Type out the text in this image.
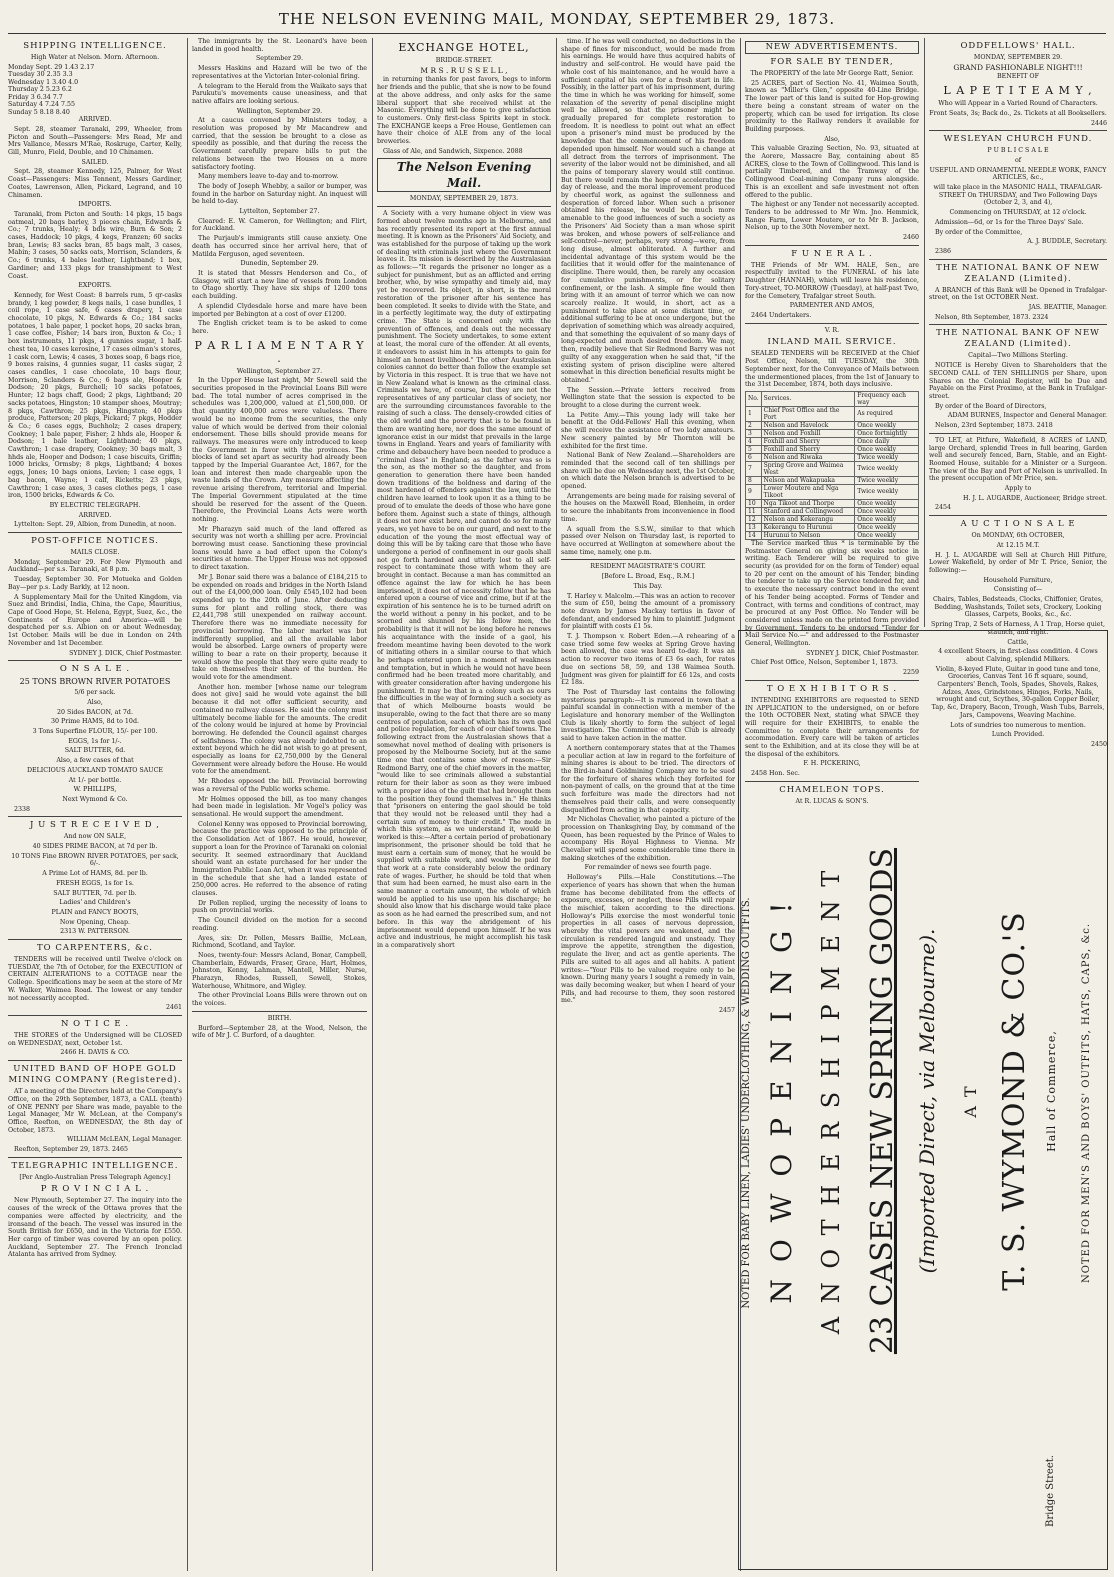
THE NELSON EVENING MAIL, MONDAY, SEPTEMBER 29, 1873.
SHIPPING INTELLIGENCE.

High Water at Nelson. Morn. Afternoon.

Monday Sept. 29 1.43 2.17
Tuesday 30 2.35 3.3
Wednesday 1 3.40 4.0
Thursday 2 5.23 6.2
Friday 3 6.34 7.7
Saturday 4 7.24 7.55
Sunday 5 8.18 8.40

ARRIVED.

Sept. 28, steamer Taranaki, 299, Wheeler, from Picton and South—Passengers: Mrs Read, Mr and Mrs Vallance, Messrs M'Rae, Roskruge, Carter, Kelly, Gill, Munro, Field, Double, and 10 Chinamen.

SAILED.

Sept. 28, steamer Kennedy, 125, Palmer, for West Coast—Passengers: Miss Tennent, Messrs Gardiner, Coates, Lawrenson, Allen, Pickard, Legrand, and 10 Chinamen.

IMPORTS.

Taranaki, from Picton and South: 14 pkgs, 15 bags oatmeal, 20 bags barley, 3 pieces chain, Edwards & Co.; 7 trunks, Healy; 4 bdls wire, Burn & Son; 2 cases, Haddock; 10 pkgs, 4 kegs, Franzen; 60 sacks bran, Lewis; 83 sacks bran, 85 bags malt, 3 cases, Mabin; 3 cases, 50 sacks oats, Morrison, Sclanders, & Co.; 6 trunks, 4 bales leather, Lightband; 1 box, Gardiner; and 133 pkgs for transhipment to West Coast.

EXPORTS.

Kennedy, for West Coast: 8 barrels rum, 5 qr-casks brandy, 1 keg powder, 8 kegs nails, 1 case bundles, 1 coil rope, 1 case safe, 6 cases drapery, 1 case chocolate, 10 pkgs, N. Edwards & Co.; 184 sacks potatoes, 1 bale paper, 1 pocket hops, 20 sacks bran, 1 case coffee, Fisher; 14 bars iron, Buxton & Co.; 1 box instruments, 11 pkgs, 4 gunnies sugar, 1 half-chest tea, 10 cases kerosine, 17 cases oilman's stores, 1 cask corn, Lewis; 4 cases, 3 boxes soap, 6 bags rice, 9 boxes raisins, 4 gunnies sugar, 11 casks sugar, 2 cases candles, 1 case chocolate, 10 bags flour, Morrison, Sclanders & Co.; 6 bags ale, Hooper & Dodson; 20 pkgs, Burchell; 10 sacks potatoes, Hunter; 12 bags chaff, Good; 2 pkgs, Lightband; 20 sacks potatoes, Hingston; 10 stamper shoes, Moutray; 8 pkgs, Cawthron; 25 pkgs, Hingston; 40 pkgs produce, Patterson; 20 pkgs, Pickard; 7 pkgs, Hodder & Co.; 6 cases eggs, Buchholz; 2 cases drapery, Cookney; 1 bale paper, Fisher; 2 hhds ale, Hooper & Dodson; 1 bale leather, Lightband; 40 pkgs, Cawthron; 1 case drapery, Cookney; 30 bags malt, 3 hhds ale, Hooper and Dodson; 1 case biscuits, Griffin; 1000 bricks, Ormsby; 8 pkgs, Lightband; 4 boxes eggs, Jones; 10 bags onions, Levien; 1 case eggs, 1 bag bacon, Wayne; 1 calf, Ricketts; 23 pkgs, Cawthron; 1 case axes, 3 cases clothes pegs, 1 case iron, 1500 bricks, Edwards & Co.

BY ELECTRIC TELEGRAPH.

ARRIVED.

Lyttelton: Sept. 29, Albion, from Dunedin, at noon.

POST-OFFICE NOTICES.

MAILS CLOSE.

Monday, September 29. For New Plymouth and Auckland—per s.s. Taranaki, at 8 p.m.

Tuesday, September 30. For Motueka and Golden Bay—per p.s. Lady Barkly, at 12 noon.

A Supplementary Mail for the United Kingdom, via Suez and Brindisi, India, China, the Cape, Mauritius, Cape of Good Hope, St. Helena, Egypt, Suez, &c., the Continents of Europe and America—will be despatched per s.s. Albion on or about Wednesday, 1st October. Mails will be due in London on 24th November and 1st December.

SYDNEY J. DICK, Chief Postmaster.

O N S A L E .

25 TONS BROWN RIVER POTATOES

5/6 per sack.

Also,

20 Sides BACON, at 7d.

30 Prime HAMS, 8d to 10d.

3 Tons Superfine FLOUR, 15/- per 100.

EGGS, 1s for 1/-.

SALT BUTTER, 6d.

Also, a few cases of that

DELICIOUS AUCKLAND TOMATO SAUCE

At 1/- per bottle.

W. PHILLIPS,

Next Wymond & Co.

2338

J U S T R E C E I V E D ,

And now ON SALE,

40 SIDES PRIME BACON, at 7d per lb.

10 TONS Fine BROWN RIVER POTATOES, per sack, 6/-.

A Prime Lot of HAMS, 8d. per lb.

FRESH EGGS, 1s for 1s.

SALT BUTTER, 7d. per lb.

Ladies' and Children's

PLAIN and FANCY BOOTS,

Now Opening, Cheap.

2313 W. PATTERSON.

TO CARPENTERS, &c.

TENDERS will be received until Twelve o'clock on TUESDAY, the 7th of October, for the EXECUTION of CERTAIN ALTERATIONS to a COTTAGE near the College. Specifications may be seen at the store of Mr W. Walker, Waimea Road. The lowest or any tender not necessarily accepted.

2461

N O T I C E .

THE STORES of the Undersigned will be CLOSED on WEDNESDAY, next, October 1st.

2466 H. DAVIS & CO.

UNITED BAND OF HOPE GOLD MINING COMPANY (Registered).

AT a meeting of the Directors held at the Company's Office, on the 29th September, 1873, a CALL (tenth) of ONE PENNY per Share was made, payable to the Legal Manager, Mr W. McLean, at the Company's Office, Reefton, on WEDNESDAY, the 8th day of October, 1873.

WILLIAM McLEAN, Legal Manager.

Reefton, September 29, 1873. 2465

TELEGRAPHIC INTELLIGENCE.

[Per Anglo-Australian Press Telegraph Agency.]

P R O V I N C I A L .

New Plymouth, September 27. The inquiry into the causes of the wreck of the Ottawa proves that the companies were affected by electricity, and the ironsand of the beach. The vessel was insured in the South British for £650, and in the Victoria for £550. Her cargo of timber was covered by an open policy. Auckland, September 27. The French Ironclad Atalanta has arrived from Sydney.

The immigrants by the St. Leonard's have been landed in good health.

September 29.

Messrs Haskins and Hazard will be two of the representatives at the Victorian Inter-colonial firing.

A telegram to the Herald from the Waikato says that Parukutu's movements cause uneasiness, and that native affairs are looking serious.

Wellington, September 29.

At a caucus convened by Ministers today, a resolution was proposed by Mr Macandrew and carried, that the session be brought to a close as speedily as possible, and that during the recess the Government carefully prepare bills to put the relations between the two Houses on a more satisfactory footing.

Many members leave to-day and to-morrow.

The body of Joseph Whebby, a sailor or bumper, was found in the harbor on Saturday night. An inquest will be held to-day.

Lyttelton, September 27.

Cleared: E. W. Cameron, for Wellington; and Flirt, for Auckland.

The Purjaub's immigrants still cause anxiety. One death has occurred since her arrival here, that of Matilda Ferguson, aged seventeen.

Dunedin, September 29.

It is stated that Messrs Henderson and Co., of Glasgow, will start a new line of vessels from London to Otago shortly. They have six ships of 1200 tons each building.

A splendid Clydesdale horse and mare have been imported per Bebington at a cost of over £1200.

The English cricket team is to be asked to come here.

P A R L I A M E N T A R Y .

Wellington, September 27.

In the Upper House last night, Mr Sewell said the securities proposed in the Provincial Loans Bill were bad. The total number of acres comprised in the schedules was 1,200,000, valued at £1,500,000. Of that quantity 400,000 acres were valueless. There would be no income from the securities, the only value of which would be derived from their colonial endorsement. These bills should provide means for railways. The measures were only introduced to keep the Government in favor with the provinces. The blocks of land set apart as security had already been tapped by the Imperial Guarantee Act, 1867, for the loan and interest then made chargeable upon the waste lands of the Crown. Any measure affecting the revenue arising therefrom, territorial and Imperial. The Imperial Government stipulated at the time should be reserved for the assent of the Queen. Therefore, the Provincial Loans Acts were worth nothing.

Mr Pharazyn said much of the land offered as security was not worth a shilling per acre. Provincial borrowing must cease. Sanctioning these provincial loans would have a bad effect upon the Colony's securities at home. The Upper House was not opposed to direct taxation.

Mr J. Bonar said there was a balance of £184,215 to be expended on roads and bridges in the North Island out of the £4,000,000 loan. Only £545,102 had been expended up to the 20th of June. After deducting sums for plant and rolling stock, there was £2,441,798 still unexpended on railway account. Therefore there was no immediate necessity for provincial borrowing. The labor market was but indifferently supplied, and all the available labor would be absorbed. Large owners of property were willing to bear a rate on their property, because it would show the people that they were quite ready to take on themselves their share of the burden. He would vote for the amendment.

Another hon. member [whose name our telegram does not give] said he would vote against the bill because it did not offer sufficient security, and contained no railway clauses. He said the colony must ultimately become liable for the amounts. The credit of the colony would be injured at home by Provincial borrowing. He defended the Council against charges of selfishness. The colony was already indebted to an extent beyond which he did not wish to go at present, especially as loans for £2,750,000 by the General Government were already before the House. He would vote for the amendment.

Mr Rhodes opposed the bill. Provincial borrowing was a reversal of the Public works scheme.

Mr Holmes opposed the bill, as too many changes had been made in legislation. Mr Vogel's policy was sensational. He would support the amendment.

Colonel Kenny was opposed to Provincial borrowing, because the practice was opposed to the principle of the Consolidation Act of 1867. He would, however, support a loan for the Province of Taranaki on colonial security. It seemed extraordinary that Auckland should want an estate purchased for her under the Immigration Public Loan Act, when it was represented in the schedule that she had a landed estate of 250,000 acres. He referred to the absence of rating clauses.

Dr Pollen replied, urging the necessity of loans to push on provincial works.

The Council divided on the motion for a second reading.

Ayes, six: Dr. Pollen, Messrs Baillie, McLean, Richmond, Scotland, and Taylor.

Noes, twenty-four: Messrs Acland, Bonar, Campbell, Chamberlain, Edwards, Fraser, Grace, Hart, Holmes, Johnston, Kenny, Lahman, Mantell, Miller, Nurse, Pharazyn, Rhodes, Russell, Sewell, Stokes, Waterhouse, Whitmore, and Wigley.

The other Provincial Loans Bills were thrown out on the voices.

BIRTH.

Burford—September 28, at the Wood, Nelson, the wife of Mr J. C. Burford, of a daughter.

EXCHANGE HOTEL,

BRIDGE-STREET.

M R S . R U S S E L L ,

in returning thanks for past favors, begs to inform her friends and the public, that she is now to be found at the above address, and only asks for the same liberal support that she received whilst at the Masonic. Everything will be done to give satisfaction to customers. Only first-class Spirits kept in stock. The EXCHANGE keeps a Free House, Gentlemen can have their choice of ALE from any of the local breweries.

Glass of Ale, and Sandwich, Sixpence. 2088

The Nelson Evening Mail.

MONDAY, SEPTEMBER 29, 1873.

A Society with a very humane object in view was formed about twelve months ago in Melbourne, and has recently presented its report at the first annual meeting. It is known as the Prisoners' Aid Society, and was established for the purpose of taking up the work of dealing with criminals just where the Government leaves it. Its mission is described by the Australasian as follows:—"It regards the prisoner no longer as a subject for punishment, but as an afflicted and erring brother, who, by wise sympathy and timely aid, may yet be recovered. Its object, in short, is the moral restoration of the prisoner after his sentence has been completed. It seeks to divide with the State, and in a perfectly legitimate way, the duty of extirpating crime. The State is concerned only with the prevention of offences, and deals out the necessary punishment. The Society undertakes, to some extent at least, the moral cure of the offender. At all events, it endeavors to assist him in his attempts to gain for himself an honest livelihood." The other Australasian colonies cannot do better than follow the example set by Victoria in this respect. It is true that we have not in New Zealand what is known as the criminal class. Criminals we have, of course, but they are not the representatives of any particular class of society, nor are the surrounding circumstances favorable to the raising of such a class. The densely-crowded cities of the old world and the poverty that is to be found in them are wanting here, nor does the same amount of ignorance exist in our midst that prevails in the large towns in England. Years and years of familiarity with crime and debauchery have been needed to produce a "criminal class" in England; as the father was so is the son, as the mother so the daughter, and from generation to generation there have been handed down traditions of the boldness and daring of the most hardened of offenders against the law, until the children have learned to look upon it as a thing to be proud of to emulate the deeds of those who have gone before them. Against such a state of things, although it does not now exist here, and cannot do so for many years, we yet have to be on our guard, and next to the education of the young the most effectual way of doing this will be by taking care that those who have undergone a period of confinement in our gaols shall not go forth hardened and utterly lost to all self-respect to contaminate those with whom they are brought in contact. Because a man has committed an offence against the law for which he has been imprisoned, it does not of necessity follow that he has entered upon a course of vice and crime, but if at the expiration of his sentence he is to be turned adrift on the world without a penny in his pocket, and to be scorned and shunned by his fellow men, the probability is that it will not be long before he renews his acquaintance with the inside of a gaol, his freedom meantime having been devoted to the work of initiating others in a similar course to that which he perhaps entered upon in a moment of weakness and temptation, but in which he would not have been confirmed had he been treated more charitably, and with greater consideration after having undergone his punishment. It may be that in a colony such as ours the difficulties in the way of forming such a society as that of which Melbourne boasts would be insuperable, owing to the fact that there are so many centres of population, each of which has its own gaol and police regulation, for each of our chief towns. The following extract from the Australasian shows that a somewhat novel method of dealing with prisoners is proposed by the Melbourne Society, but at the same time one that contains some show of reason:—Sir Redmond Barry, one of the chief movers in the matter, "would like to see criminals allowed a substantial return for their labor as soon as they were imbued with a proper idea of the guilt that had brought them to the position they found themselves in." He thinks that "prisoners on entering the gaol should be told that they would not be released until they had a certain sum of money to their credit." The mode in which this system, as we understand it, would be worked is this:—After a certain period of probationary imprisonment, the prisoner should be told that he must earn a certain sum of money, that he would be supplied with suitable work, and would be paid for that work at a rate considerably below the ordinary rate of wages. Further, he should be told that when that sum had been earned, he must also earn in the same manner a certain amount, the whole of which would be applied to his use upon his discharge; he should also know that his discharge would take place as soon as he had earned the prescribed sum, and not before. In this way the abridgement of his imprisonment would depend upon himself. If he was active and industrious, he might accomplish his task in a comparatively short

time. If he was well conducted, no deductions in the shape of fines for misconduct, would be made from his earnings. He would have thus acquired habits of industry and self-control. He would have paid the whole cost of his maintenance, and he would have a sufficient capital of his own for a fresh start in life. Possibly, in the latter part of his imprisonment, during the time in which he was working for himself, some relaxation of the severity of penal discipline might well be allowed, so that the prisoner might be gradually prepared for complete restoration to freedom. It is needless to point out what an effect upon a prisoner's mind must be produced by the knowledge that the commencement of his freedom depended upon himself. Nor would such a change at all detract from the terrors of imprisonment. The severity of the labor would not be diminished, and all the pains of temporary slavery would still continue. But there would remain the hope of accelerating the day of release, and the moral improvement produced by cheerful work, as against the sullenness and desperation of forced labor. When such a prisoner obtained his release, he would be much more amenable to the good influences of such a society as the Prisoners' Aid Society than a man whose spirit was broken, and whose powers of self-reliance and self-control—never, perhaps, very strong—were, from long disuse, almost obliterated. A further and incidental advantage of this system would be the facilities that it would offer for the maintenance of discipline. There would, then, be rarely any occasion for cumulative punishments, or for solitary confinement, or the lash. A simple fine would then bring with it an amount of terror which we can now scarcely realize. It would, in short, act as a punishment to take place at some distant time, or additional suffering to be at once undergone, but the deprivation of something which was already acquired, and that something the equivalent of so many days of long-expected and much desired freedom. We may, then, readily believe that Sir Redmond Barry was not guilty of any exaggeration when he said that, "if the existing system of prison discipline were altered somewhat in this direction beneficial results might be obtained."

The Session.—Private letters received from Wellington state that the session is expected to be brought to a close during the current week.

La Petite Amy.—This young lady will take her benefit at the Odd-Fellows' Hall this evening, when she will receive the assistance of two lady amateurs. New scenery painted by Mr Thornton will be exhibited for the first time.

National Bank of New Zealand.—Shareholders are reminded that the second call of ten shillings per share will be due on Wednesday next, the 1st October, on which date the Nelson branch is advertised to be opened.

Arrangements are being made for raising several of the houses on the Maxwell Road, Blenheim, in order to secure the inhabitants from inconvenience in flood time.

A squall from the S.S.W., similar to that which passed over Nelson on Thursday last, is reported to have occurred at Wellington at somewhere about the same time, namely, one p.m.

RESIDENT MAGISTRATE'S COURT.

[Before L. Broad, Esq., R.M.]

This Day.

T. Harley v. Malcolm.—This was an action to recover the sum of £50, being the amount of a promissory note drawn by James Mackay tertius in favor of defendant, and endorsed by him to plaintiff. Judgment for plaintiff with costs £1 5s.

T. J. Thompson v. Robert Eden.—A rehearing of a case tried some few weeks at Spring Grove having been allowed, the case was heard to-day. It was an action to recover two items of £3 6s each, for rates due on sections 58, 59, and 138 Waimea South. Judgment was given for plaintiff for £6 12s, and costs £2 18s.

The Post of Thursday last contains the following mysterious paragraph:—It is rumored in town that a painful scandal in connection with a member of the Legislature and honorary member of the Wellington Club is likely shortly to form the subject of legal investigation. The Committee of the Club is already said to have taken action in the matter.

A northern contemporary states that at the Thames a peculiar action at law in regard to the forfeiture of mining shares is about to be tried. The directors of the Bird-in-hand Goldmining Company are to be sued for the forfeiture of shares which they forfeited for non-payment of calls, on the ground that at the time such forfeiture was made the directors had not themselves paid their calls, and were consequently disqualified from acting in that capacity.

Mr Nicholas Chevalier, who painted a picture of the procession on Thanksgiving Day, by command of the Queen, has been requested by the Prince of Wales to accompany His Royal Highness to Vienna. Mr Chevalier will spend some considerable time there in making sketches of the exhibition.

For remainder of news see fourth page.

Holloway's Pills.—Hale Constitutions.—The experience of years has shown that when the human frame has become debilitated from the effects of exposure, excesses, or neglect, these Pills will repair the mischief, taken according to the directions. Holloway's Pills exercise the most wonderful tonic properties in all cases of nervous depression, whereby the vital powers are weakened, and the circulation is rendered languid and unsteady. They improve the appetite, strengthen the digestion, regulate the liver, and act as gentle aperients. The Pills are suited to all ages and all habits. A patient writes:—"Your Pills to be valued require only to be known. During many years I sought a remedy in vain, was daily becoming weaker, but when I heard of your Pills, and had recourse to them, they soon restored me."

2457

NEW ADVERTISEMENTS.
FOR SALE BY TENDER,

The PROPERTY of the late Mr George Ratt, Senior.

25 ACRES, part of Section No. 41, Waimea South, known as "Miller's Glen," opposite 40-Line Bridge. The lower part of this land is suited for Hop-growing there being a constant stream of water on the property, which can be used for irrigation. Its close proximity to the Railway renders it available for Building purposes.

Also,

This valuable Grazing Section, No. 93, situated at the Aorere, Massacre Bay, containing about 85 ACRES, close to the Town of Collingwood. This land is partially Timbered, and the Tramway of the Collingwood Coal-mining Company runs alongside. This is an excellent and safe investment not often offered to the public.

The highest or any Tender not necessarily accepted. Tenders to be addressed to Mr Wm. Jno. Hemmick, Range Farm, Lower Moutere, or to Mr B. Jackson, Nelson, up to the 30th November next.

2460

F U N E R A L .

THE Friends of Mr WM. HALE, Sen., are respectfully invited to the FUNERAL of his late Daughter (HANNAH), which will leave his residence, Tory-street, TO-MORROW (Tuesday), at half-past Two, for the Cemetery, Trafalgar street South.

PARMENTER AND AMOS,

2464 Undertakers.

V. R.

INLAND MAIL SERVICE.

SEALED TENDERS will be RECEIVED at the Chief Post Office, Nelson, till TUESDAY, the 30th September next, for the Conveyance of Mails between the undermentioned places, from the 1st of January to the 31st December, 1874, both days inclusive.

No.	Services.	Frequency each way
1	Chief Post Office and the Port	As required
2	Nelson and Havelock	Once weekly
3	Nelson and Foxhill	Once fortnightly
4	Foxhill and Sherry	Once daily
5	Foxhill and Sherry	Once weekly
6	Nelson and Riwaka	Twice weekly
7	Spring Grove and Waimea West	Twice weekly
8	Nelson and Wakapuaka	Twice weekly
9	Lower Moutere and Nga Tikoot	Twice weekly
10	Nga Tikoot and Thorpe	Once weekly
11	Stanford and Collingwood	Once weekly
12	Nelson and Kekerangu	Once weekly
13	Kekerangu to Hurunui	Once weekly
14	Hurunui to Nelson	Once weekly

The Service marked thus * is terminable by the Postmaster General on giving six weeks notice in writing. Each Tenderer will be required to give security (as provided for on the form of Tender) equal to 20 per cent on the amount of his Tender, binding the tenderer to take up the Service tendered for, and to execute the necessary contract bond in the event of his Tender being accepted. Forms of Tender and Contract, with terms and conditions of contract, may be procured at any Post Office. No Tender will be considered unless made on the printed form provided by Government. Tenders to be endorsed "Tender for Mail Service No.—" and addressed to the Postmaster General, Wellington.

SYDNEY J. DICK, Chief Postmaster.

Chief Post Office, Nelson, September 1, 1873.

2259

T O E X H I B I T O R S .

INTENDING EXHIBITORS are requested to SEND IN APPLICATION to the undersigned, on or before the 10th OCTOBER Next, stating what SPACE they will require for their EXHIBITS, to enable the Committee to complete their arrangements for accommodation. Every care will be taken of articles sent to the Exhibition, and at its close they will be at the disposal of the exhibitors.

F. H. PICKERING,

2458 Hon. Sec.

CHAMELEON TOPS.

At R. LUCAS & SON'S.

ODDFELLOWS' HALL.

MONDAY, SEPTEMBER 29.

GRAND FASHIONABLE NIGHT!!!

BENEFIT OF

L A P E T I T E A M Y ,

Who will Appear in a Varied Round of Characters.

Front Seats, 3s; Back do., 2s. Tickets at all Booksellers.

2446

WESLEYAN CHURCH FUND.

P U B L I C S A L E

of

USEFUL AND ORNAMENTAL NEEDLE WORK, FANCY ARTICLES, &c.,

will take place in the MASONIC HALL, TRAFALGAR-STREET On THURSDAY, and Two Following Days (October 2, 3, and 4),

Commencing on THURSDAY, at 12 o'clock.

Admission—6d, or 1s for the Three Days' Sale.

By order of the Committee,

A. J. BUDDLE, Secretary.

2386

THE NATIONAL BANK OF NEW ZEALAND (Limited).

A BRANCH of this Bank will be Opened in Trafalgar-street, on the 1st OCTOBER Next.

JAS. BEATTIE, Manager.

Nelson, 8th September, 1873. 2324

THE NATIONAL BANK OF NEW ZEALAND (Limited).

Capital—Two Millions Sterling.

NOTICE is Hereby Given to Shareholders that the SECOND CALL of TEN SHILLINGS per Share, upon Shares on the Colonial Register, will be Due and Payable on the First Proximo, at the Bank in Trafalgar-street.

By order of the Board of Directors,

ADAM BURNES, Inspector and General Manager.

Nelson, 23rd September, 1873. 2418

TO LET, at Pitfure, Wakefield, 8 ACRES of LAND, large Orchard, splendid Trees in full bearing, Garden well and securely fenced, Barn, Stable, and an Eight-Roomed House, suitable for a Minister or a Surgeon. The view of the Bay and Port of Nelson is unrivalled. In the present occupation of Mr Price, sen.

Apply to

H. J. L. AUGARDE, Auctioneer, Bridge street.

2454

A U C T I O N S A L E

On MONDAY, 6th OCTOBER,

At 12.15 M.T.

H. J. L. AUGARDE will Sell at Church Hill Pitfure, Lower Wakefield, by order of Mr T. Price, Senior, the following:—

Household Furniture,

Consisting of—

Chairs, Tables, Bedsteads, Clocks, Chiffonier, Grates, Bedding, Washstands, Toilet sets, Crockery, Looking Glasses, Carpets, Books, &c., &c.

Spring Trap, 2 Sets of Harness, A 1 Trap, Horse quiet, staunch, and right.

Cattle,

4 excellent Steers, in first-class condition. 4 Cows about Calving, splendid Milkers.

Violin, 8-keyed Flute, Guitar in good tune and tone, Groceries, Canvas Tent 16 ft square, sound, Carpenters' Bench, Tools, Spades, Shovels, Rakes, Adzes, Axes, Grindstones, Hinges, Forks, Nails, wrought and cut, Scythes, 30-gallon Copper Boiler, Tap, &c, Drapery, Bacon, Trough, Wash Tubs, Barrels, Jars, Campovens, Weaving Machine.

Lots of sundries too numerous to mention.

Lunch Provided.

2450

NOTED FOR BABY LINEN, LADIES' UNDERCLOTHING, & WEDDING OUTFITS. N O W O P E N I N G ! A N O T H E R S H I P M E N T 23 CASES NEW SPRING GOODS (Imported Direct, via Melbourne). A T T. S. WYMOND & CO.'S Hall of Commerce,
Bridge Street.
NOTED FOR MEN'S AND BOYS' OUTFITS, HATS, CAPS, &c.
